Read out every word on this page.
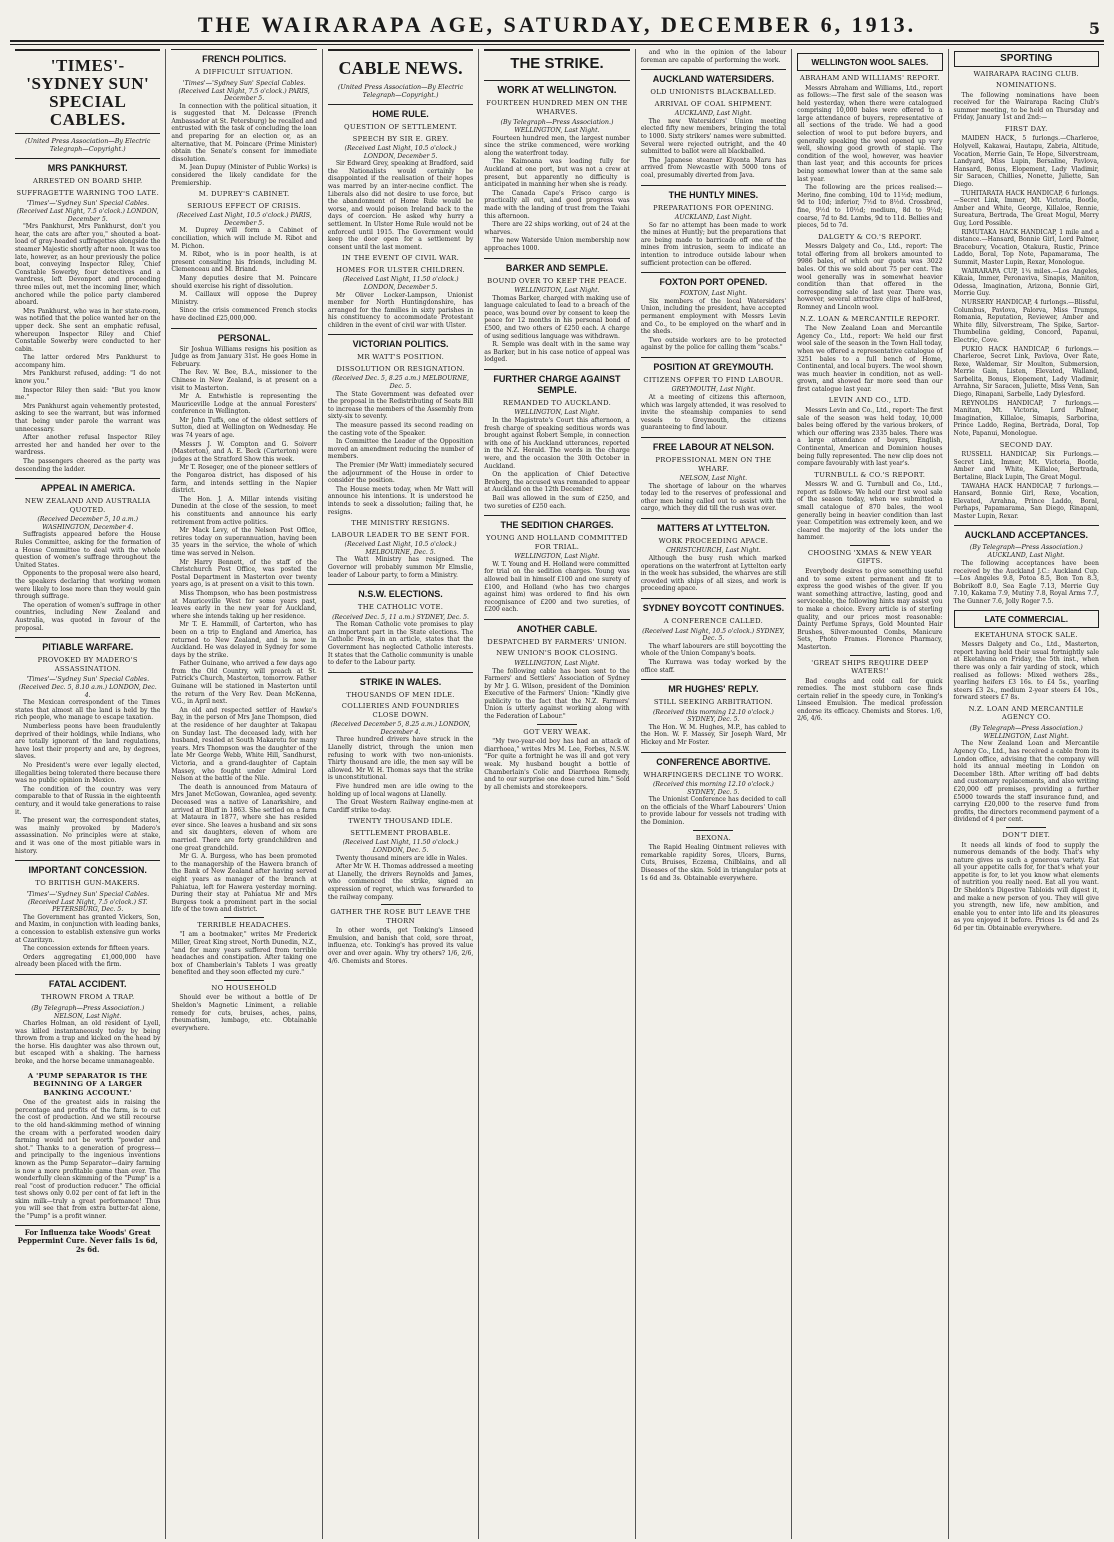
THE WAIRARAPA AGE, SATURDAY, DECEMBER 6, 1913.	5
'TIMES'-'SYDNEY SUN' SPECIAL CABLES.
(United Press Association—By Electric Telegraph—Copyright.)
MRS PANKHURST.
ARRESTED ON BOARD SHIP.
SUFFRAGETTE WARNING TOO LATE.
'Times'—'Sydney Sun' Special Cables.
(Received Last Night, 7.5 o'clock.) LONDON, December 5.

"Mrs Pankhurst, Mrs Pankhurst, don't you hear, the cats are after you," shouted a boat-load of gray-headed suffragettes alongside the steamer Majestic shortly after noon. It was too late, however, as an hour previously the police boat, conveying Inspector Riley, Chief Constable Sowerby, four detectives and a wardress, left Devonport and proceeding three miles out, met the incoming liner, which anchored while the police party clambered aboard.

Mrs Pankhurst, who was in her state-room, was notified that the police wanted her on the upper deck. She sent an emphatic refusal, whereupon Inspector Riley and Chief Constable Sowerby were conducted to her cabin.

The latter ordered Mrs Pankhurst to accompany him.

Mrs Pankhurst refused, adding: "I do not know you."

Inspector Riley then said: "But you know me."

Mrs Pankhurst again vehemently protested, asking to see the warrant, but was informed that being under parole the warrant was unnecessary.

After another refusal Inspector Riley arrested her and handed her over to the wardress.

The passengers cheered as the party was descending the ladder.

APPEAL IN AMERICA.
NEW ZEALAND AND AUSTRALIA QUOTED.
(Received December 5, 10 a.m.) WASHINGTON, December 4.

Suffragists appeared before the House Rules Committee, asking for the formation of a House Committee to deal with the whole question of women's suffrage throughout the United States.

Opponents to the proposal were also heard, the speakers declaring that working women were likely to lose more than they would gain through suffrage.

The operation of women's suffrage in other countries, including New Zealand and Australia, was quoted in favour of the proposal.

PITIABLE WARFARE.
PROVOKED BY MADERO'S ASSASSINATION.
'Times'—'Sydney Sun' Special Cables.
(Received Dec. 5, 8.10 a.m.) LONDON, Dec. 4.

The Mexican correspondent of the Times states that almost all the land is held by the rich people, who manage to escape taxation.

Numberless peons have been fraudulently deprived of their holdings, while Indians, who are totally ignorant of the land regulations, have lost their property and are, by degrees, slaves.

No President's were ever legally elected, illegalities being tolerated there because there was no public opinion in Mexico.

The condition of the country was very comparable to that of Russia in the eighteenth century, and it would take generations to raise it.

The present war, the correspondent states, was mainly provoked by Madero's assassination. No principles were at stake, and it was one of the most pitiable wars in history.

IMPORTANT CONCESSION.
TO BRITISH GUN-MAKERS.
'Times'—'Sydney Sun' Special Cables.
(Received Last Night, 7.5 o'clock.) ST. PETERSBURG, Dec. 5.

The Government has granted Vickers, Son, and Maxim, in conjunction with leading banks, a concession to establish extensive gun works at Czaritzyn.

The concession extends for fifteen years.

Orders aggregating £1,000,000 have already been placed with the firm.

FATAL ACCIDENT.
THROWN FROM A TRAP.
(By Telegraph—Press Association.)
NELSON, Last Night.

Charles Holman, an old resident of Lyell, was killed instantaneously today by being thrown from a trap and kicked on the head by the horse. His daughter was also thrown out, but escaped with a shaking. The harness broke, and the horse became unmanageable.

A 'PUMP SEPARATOR IS THE BEGINNING OF A LARGER BANKING ACCOUNT.'

One of the greatest aids in raising the percentage and profits of the farm, is to cut the cost of production. And we still recourse to the old hand-skimming method of winning the cream with a perforated wooden dairy farming would not be worth "powder and shot." Thanks to a generation of progress—and principally to the ingenious inventions known as the Pump Separator—dairy farming is now a more profitable game than ever. The wonderfully clean skimming of the "Pump" is a real "cost of production reducer." The official test shows only 0.02 per cent of fat left in the skim milk—truly a great performance! Thus you will see that from extra butter-fat alone, the "Pump" is a profit winner.

For Influenza take Woods' Great Peppermint Cure. Never fails 1s 6d, 2s 6d.
FRENCH POLITICS.
A DIFFICULT SITUATION.
'Times'—'Sydney Sun' Special Cables.
(Received Last Night, 7.5 o'clock.) PARIS, December 5.

In connection with the political situation, it is suggested that M. Delcasse (French Ambassador at St. Petersburg) be recalled and entrusted with the task of concluding the loan and preparing for an election or, as an alternative, that M. Poincare (Prime Minister) obtain the Senate's consent for immediate dissolution.

M. Jean Dupuy (Minister of Public Works) is considered the likely candidate for the Premiership.

M. DUPREY'S CABINET.
SERIOUS EFFECT OF CRISIS.
(Received Last Night, 10.5 o'clock.) PARIS, December 5.

M. Duprey will form a Cabinet of conciliation, which will include M. Ribot and M. Pichon.

M. Ribot, who is in poor health, is at present consulting his friends, including M. Clemenceau and M. Briand.

Many deputies desire that M. Poincare should exercise his right of dissolution.

M. Caillaux will oppose the Duprey Ministry.

Since the crisis commenced French stocks have declined £25,000,000.

PERSONAL.

Sir Joshua Williams resigns his position as Judge as from January 31st. He goes Home in February.

The Rev. W. Bee, B.A., missioner to the Chinese in New Zealand, is at present on a visit to Masterton.

Mr A. Entwhistle is representing the Mauriceville Lodge at the annual Foresters' conference in Wellington.

Mr John Tuffs, one of the oldest settlers of Sutton, died at Wellington on Wednesday. He was 74 years of age.

Messrs J. W. Compton and G. Soiverr (Masterton), and A. E. Beck (Carterton) were judges at the Stratford Show this week.

Mr T. Roseger, one of the pioneer settlers of the Pongaroa district, has disposed of his farm, and intends settling in the Napier district.

The Hon. J. A. Millar intends visiting Dunedin at the close of the session, to meet his constituents and announce his early retirement from active politics.

Mr Mack Levy, of the Nelson Post Office, retires today on superannuation, having been 35 years in the service, the whole of which time was served in Nelson.

Mr Harry Bennett, of the staff of the Christchurch Post Office, was posted the Postal Department in Masterton over twenty years ago, is at present on a visit to this town.

Miss Thompson, who has been postmistress at Mauriceville West for some years past, leaves early in the new year for Auckland, where she intends taking up her residence.

Mr T. E. Hammill, of Carterton, who has been on a trip to England and America, has returned to New Zealand, and is now in Auckland. He was delayed in Sydney for some days by the strike.

Father Guinane, who arrived a few days ago from the Old Country, will preach at St. Patrick's Church, Masterton, tomorrow. Father Guinane will be stationed in Masterton until the return of the Very Rev. Dean McKenna, V.G., in April next.

An old and respected settler of Hawke's Bay, in the person of Mrs Jane Thompson, died at the residence of her daughter at Takapau on Sunday last. The deceased lady, with her husband, resided at South Makaretu for many years. Mrs Thompson was the daughter of the late Mr George Webb, White Hill, Sandhurst, Victoria, and a grand-daughter of Captain Massey, who fought under Admiral Lord Nelson at the battle of the Nile.

The death is announced from Mataura of Mrs Janet McGowan, Gowanlea, aged seventy. Deceased was a native of Lanarkshire, and arrived at Bluff in 1863. She settled on a farm at Mataura in 1877, where she has resided ever since. She leaves a husband and six sons and six daughters, eleven of whom are married. There are forty grandchildren and one great grandchild.

Mr G. A. Burgess, who has been promoted to the managership of the Hawera branch of the Bank of New Zealand after having served eight years as manager of the branch at Pahiatua, left for Hawera yesterday morning. During their stay at Pahiatua Mr and Mrs Burgess took a prominent part in the social life of the town and district.

TERRIBLE HEADACHES.

"I am a bootmaker," writes Mr Frederick Miller, Great King street, North Dunedin, N.Z., "and for many years suffered from terrible headaches and constipation. After taking one box of Chamberlain's Tablets I was greatly benefited and they soon effected my cure."

NO HOUSEHOLD

Should ever be without a bottle of Dr Sheldon's Magnetic Liniment, a reliable remedy for cuts, bruises, aches, pains, rheumatism, lumbago, etc. Obtainable everywhere.

CABLE NEWS.
(United Press Association—By Electric Telegraph—Copyright.)
HOME RULE.
QUESTION OF SETTLEMENT.
SPEECH BY SIR E. GREY.
(Received Last Night, 10.5 o'clock.) LONDON, December 5.

Sir Edward Grey, speaking at Bradford, said the Nationalists would certainly be disappointed if the realisation of their hopes was marred by an inter-necine conflict. The Liberals also did not desire to use force, but the abandonment of Home Rule would be worse, and would poison Ireland back to the days of coercion. He asked why hurry a settlement. In Ulster Home Rule would not be enforced until 1915. The Government would keep the door open for a settlement by consent until the last moment.

IN THE EVENT OF CIVIL WAR.
HOMES FOR ULSTER CHILDREN.
(Received Last Night, 11.50 o'clock.) LONDON, December 5.

Mr Oliver Locker-Lampson, Unionist member for North Huntingdonshire, has arranged for the families in sixty parishes in his constituency to accommodate Protestant children in the event of civil war with Ulster.

VICTORIAN POLITICS.
MR WATT'S POSITION.
DISSOLUTION OR RESIGNATION.
(Received Dec. 5, 8.25 a.m.) MELBOURNE, Dec. 5.

The State Government was defeated over the proposal in the Redistributing of Seats Bill to increase the members of the Assembly from sixty-six to seventy.

The measure passed its second reading on the casting vote of the Speaker.

In Committee the Leader of the Opposition moved an amendment reducing the number of members.

The Premier (Mr Watt) immediately secured the adjournment of the House in order to consider the position.

The House meets today, when Mr Watt will announce his intentions. It is understood he intends to seek a dissolution; failing that, he resigns.

THE MINISTRY RESIGNS.
LABOUR LEADER TO BE SENT FOR.
(Received Last Night, 10.5 o'clock.) MELBOURNE, Dec. 5.

The Watt Ministry has resigned. The Governor will probably summon Mr Elmslie, leader of Labour party, to form a Ministry.

N.S.W. ELECTIONS.
THE CATHOLIC VOTE.
(Received Dec. 5, 11 a.m.) SYDNEY, Dec. 5.

The Roman Catholic vote promises to play an important part in the State elections. The Catholic Press, in an article, states that the Government has neglected Catholic interests. It states that the Catholic community is unable to defer to the Labour party.

STRIKE IN WALES.
THOUSANDS OF MEN IDLE.
COLLIERIES AND FOUNDRIES CLOSE DOWN.
(Received December 5, 8.25 a.m.) LONDON, December 4.

Three hundred drivers have struck in the Llanelly district, through the union men refusing to work with two non-unionists. Thirty thousand are idle, the men say will be allowed. Mr W. H. Thomas says that the strike is unconstitutional.

Five hundred men are idle owing to the holding up of local wagons at Llanelly.

The Great Western Railway engine-men at Cardiff strike to-day.

TWENTY THOUSAND IDLE.
SETTLEMENT PROBABLE.
(Received Last Night, 11.50 o'clock.) LONDON, Dec. 5.

Twenty thousand miners are idle in Wales.

After Mr W. H. Thomas addressed a meeting at Llanelly, the drivers Reynolds and James, who commenced the strike, signed an expression of regret, which was forwarded to the railway company.

GATHER THE ROSE BUT LEAVE THE THORN

In other words, get Tonking's Linseed Emulsion, and banish that cold, sore throat, influenza, etc. Tonking's has proved its value over and over again. Why try others? 1/6, 2/6, 4/6. Chemists and Stores.

THE STRIKE.
WORK AT WELLINGTON.
FOURTEEN HUNDRED MEN ON THE WHARVES.
(By Telegraph—Press Association.)
WELLINGTON, Last Night.

Fourteen hundred men, the largest number since the strike commenced, were working along the waterfront today.

The Kaimoana was loading fully for Auckland at one port, but was not a crew at present, but apparently no difficulty is anticipated in manning her when she is ready.

The Canada Cape's Frisco cargo is practically all out, and good progress was made with the landing of trust from the Taiahi this afternoon.

There are 22 ships working, out of 24 at the wharves.

The new Waterside Union membership now approaches 1000.

BARKER AND SEMPLE.
BOUND OVER TO KEEP THE PEACE.
WELLINGTON, Last Night.

Thomas Barker, charged with making use of language calculated to lead to a breach of the peace, was bound over by consent to keep the peace for 12 months in his personal bond of £500, and two others of £250 each. A charge of using seditious language was withdrawn.

R. Semple was dealt with in the same way as Barker, but in his case notice of appeal was lodged.

FURTHER CHARGE AGAINST SEMPLE.
REMANDED TO AUCKLAND.
WELLINGTON, Last Night.

In the Magistrate's Court this afternoon, a fresh charge of speaking seditious words was brought against Robert Semple, in connection with one of his Auckland utterances, reported in the N.Z. Herald. The words in the charge were, and the occasion the 30th October in Auckland.

On the application of Chief Detective Broberg, the accused was remanded to appear at Auckland on the 12th December.

Bail was allowed in the sum of £250, and two sureties of £250 each.

THE SEDITION CHARGES.
YOUNG AND HOLLAND COMMITTED FOR TRIAL.
WELLINGTON, Last Night.

W. T. Young and H. Holland were committed for trial on the sedition charges. Young was allowed bail in himself £100 and one surety of £100, and Holland (who has two charges against him) was ordered to find his own recognisance of £200 and two sureties, of £200 each.

ANOTHER CABLE.
DESPATCHED BY FARMERS' UNION.
NEW UNION'S BOOK CLOSING.
WELLINGTON, Last Night.

The following cable has been sent to the Farmers' and Settlers' Association of Sydney by Mr J. G. Wilson, president of the Dominion Executive of the Farmers' Union: "Kindly give publicity to the fact that the N.Z. Farmers' Union is utterly against working along with the Federation of Labour."

GOT VERY WEAK.

"My two-year-old boy has had an attack of diarrhoea," writes Mrs M. Lee, Forbes, N.S.W. "For quite a fortnight he was ill and got very weak. My husband bought a bottle of Chamberlain's Colic and Diarrhoea Remedy, and to our surprise one dose cured him." Sold by all chemists and storekeepers.

and who in the opinion of the labour foreman are capable of performing the work.

AUCKLAND WATERSIDERS.
OLD UNIONISTS BLACKBALLED.
ARRIVAL OF COAL SHIPMENT.
AUCKLAND, Last Night.

The new Watersiders' Union meeting elected fifty new members, bringing the total to 1000. Sixty strikers' names were submitted. Several were rejected outright, and the 40 submitted to ballot were all blackballed.

The Japanese steamer Kiyonta Maru has arrived from Newcastle with 5000 tons of coal, presumably diverted from Java.

THE HUNTLY MINES.
PREPARATIONS FOR OPENING.
AUCKLAND, Last Night.

So far no attempt has been made to work the mines at Huntly; but the preparations that are being made to barricade off one of the mines from intrusion, seem to indicate an intention to introduce outside labour when sufficient protection can be offered.

FOXTON PORT OPENED.
FOXTON, Last Night.

Six members of the local Watersiders' Union, including the president, have accepted permanent employment with Messrs Levin and Co., to be employed on the wharf and in the sheds.

Two outside workers are to be protected against by the police for calling them "scabs."

POSITION AT GREYMOUTH.
CITIZENS OFFER TO FIND LABOUR.
GREYMOUTH, Last Night.

At a meeting of citizens this afternoon, which was largely attended, it was resolved to invite the steamship companies to send vessels to Greymouth, the citizens guaranteeing to find labour.

FREE LABOUR AT NELSON.
PROFESSIONAL MEN ON THE WHARF.
NELSON, Last Night.

The shortage of labour on the wharves today led to the reserves of professional and other men being called out to assist with the cargo, which they did till the rush was over.

MATTERS AT LYTTELTON.
WORK PROCEEDING APACE.
CHRISTCHURCH, Last Night.

Although the busy rush which marked operations on the waterfront at Lyttelton early in the week has subsided, the wharves are still crowded with ships of all sizes, and work is proceeding apace.

SYDNEY BOYCOTT CONTINUES.
A CONFERENCE CALLED.
(Received Last Night, 10.5 o'clock.) SYDNEY, Dec. 5.

The wharf labourers are still boycotting the whole of the Union Company's boats.

The Kurrawa was today worked by the office staff.

MR HUGHES' REPLY.
STILL SEEKING ARBITRATION.
(Received this morning 12.10 o'clock.) SYDNEY, Dec. 5.

The Hon. W. M. Hughes, M.P., has cabled to the Hon. W. F. Massey, Sir Joseph Ward, Mr Hickey and Mr Foster.

CONFERENCE ABORTIVE.
WHARFINGERS DECLINE TO WORK.
(Received this morning 12.10 o'clock.) SYDNEY, Dec. 5.

The Unionist Conference has decided to call on the officials of the Wharf Labourers' Union to provide labour for vessels not trading with the Dominion.

BEXONA.

The Rapid Healing Ointment relieves with remarkable rapidity Sores, Ulcers, Burns, Cuts, Bruises, Eczema, Chilblains, and all Diseases of the skin. Sold in triangular pots at 1s 6d and 3s. Obtainable everywhere.

WELLINGTON WOOL SALES.
ABRAHAM AND WILLIAMS' REPORT.

Messrs Abraham and Williams, Ltd., report as follows:—The first sale of the season was held yesterday, when there were catalogued comprising 10,000 bales were offered to a large attendance of buyers, representative of all sections of the trade. We had a good selection of wool to put before buyers, and generally speaking the wool opened up very well, showing good growth of staple. The condition of the wool, however, was heavier than last year, and this accounts for prices being somewhat lower than at the same sale last year.

The following are the prices realised:—Merino, fine combing, 10d to 11½d; medium, 9d to 10d; inferior, 7½d to 8½d. Crossbred, fine, 9½d to 10½d; medium, 8d to 9¼d; coarse, 7d to 8d. Lambs, 9d to 11d. Bellies and pieces, 5d to 7d.

DALGETY & CO.'S REPORT.

Messrs Dalgety and Co., Ltd., report: The total offering from all brokers amounted to 9986 bales, of which our quota was 3022 bales. Of this we sold about 75 per cent. The wool generally was in somewhat heavier condition than that offered in the corresponding sale of last year. There was, however, several attractive clips of half-bred, Romney and Lincoln wool.

N.Z. LOAN & MERCANTILE REPORT.

The New Zealand Loan and Mercantile Agency Co., Ltd., report: We held our first wool sale of the season in the Town Hall today, when we offered a representative catalogue of 3251 bales to a full bench of Home, Continental, and local buyers. The wool shown was much heavier in condition, not as well-grown, and showed far more seed than our first catalogue last year.

LEVIN AND CO., LTD.

Messrs Levin and Co., Ltd., report: The first sale of the season was held today, 10,000 bales being offered by the various brokers, of which our offering was 2335 bales. There was a large attendance of buyers, English, Continental, American and Dominion houses being fully represented. The new clip does not compare favourably with last year's.

TURNBULL & CO.'S REPORT.

Messrs W. and G. Turnbull and Co., Ltd., report as follows: We held our first wool sale of the season today, when we submitted a small catalogue of 870 bales, the wool generally being in heavier condition than last year. Competition was extremely keen, and we cleared the majority of the lots under the hammer.

CHOOSING 'XMAS & NEW YEAR GIFTS.

Everybody desires to give something useful and to some extent permanent and fit to express the good wishes of the giver. If you want something attractive, lasting, good and serviceable, the following hints may assist you to make a choice. Every article is of sterling quality, and our prices most reasonable: Dainty Perfume Sprays, Gold Mounted Hair Brushes, Silver-mounted Combs, Manicure Sets, Photo Frames. Florence Pharmacy, Masterton.

'GREAT SHIPS REQUIRE DEEP WATERS!'

Bad coughs and cold call for quick remedies. The most stubborn case finds certain relief in the speedy cure, in Tonking's Linseed Emulsion. The medical profession endorse its efficacy. Chemists and Stores. 1/6, 2/6, 4/6.

SPORTING
WAIRARAPA RACING CLUB.
NOMINATIONS.

The following nominations have been received for the Wairarapa Racing Club's summer meeting, to be held on Thursday and Friday, January 1st and 2nd:—

FIRST DAY.

MAIDEN HACK, 5 furlongs.—Charleroe, Holyvell, Kakawai, Hautapu, Zabria, Altitude, Vocation, Merrie Gain, Te Hope, Silverstream, Landyard, Miss Lupin, Bersaline, Pavlova, Hansard, Bonus, Elopement, Lady Vladimir, Sir Saracen, Chillies, Nonette, Juliette, San Diego.

TUHITARATA HACK HANDICAP, 6 furlongs.—Secret Link, Immer, Mt. Victoria, Bootle, Amber and White, George, Killaloe, Rennie, Sureatura, Bertrada, The Great Mogul, Merry Guy, Lord Possible.

RIMUTAKA HACK HANDICAP, 1 mile and a distance.—Hansard, Bonnie Girl, Lord Palmer, Bracebury, Vocation, Otakura, Rustic, Prince Laddo, Boral, Top Note, Papamarama, The Summit, Master Lupin, Rexar, Monologue.

WAIRARAPA CUP, 1¼ miles.—Los Angeles, Kikaia, Immer, Peronaviva, Sinapis, Maniton, Odessa, Imagination, Arizona, Bonnie Girl, Morrie Guy.

NURSERY HANDICAP, 4 furlongs.—Blissful, Columbus, Pavlova, Palorva, Miss Trumps, Romania, Reputation, Reviewer, Amber and White filly, Silverstream, The Spike, Sartor-Thumbelina gelding, Concord, Papanui, Electric, Cove.

PUKIO HACK HANDICAP, 6 furlongs.—Charleroe, Secret Link, Pavlova, Over Rate, Rexe, Waldemar, Sir Moulton, Submersion, Merrie Gain, Listen, Elevated, Walland, Sarbelita, Bonus, Elopement, Lady Vladimir, Arrahna, Sir Saracen, Juliette, Miss Venn, San Diego, Rinapani, Sarbelle, Lady Dylesford.

REYNOLDS HANDICAP, 7 furlongs.—Manitan, Mt. Victoria, Lord Palmer, Imagination, Killaloe, Simapis, Sarborina, Prince Laddo, Regina, Bertrada, Doral, Top Note, Papanui, Monologue.

SECOND DAY.

RUSSELL HANDICAP, Six Furlongs.—Secret Link, Immer, Mt. Victoria, Bootle, Amber and White, Killaloe, Bertrada, Bertaline, Black Lupin, The Great Mogul.

TAWAHA HACK HANDICAP, 7 furlongs.—Hansard, Bonnie Girl, Rexe, Vocation, Elevated, Arrahna, Prince Laddo, Boral, Perhaps, Papamarama, San Diego, Rinapani, Master Lupin, Rexar.

AUCKLAND ACCEPTANCES.
(By Telegraph—Press Association.)
AUCKLAND, Last Night.

The following acceptances have been received by the Auckland J.C.: Auckland Cup.—Los Angeles 9.8, Potoa 8.5, Bon Ton 8.3, Bobrikoff 8.0, Sea Eagle 7.13, Merrie Guy 7.10, Kakama 7.9, Mutiny 7.8, Royal Arms 7.7, The Gunner 7.6, Jolly Roger 7.5.

LATE COMMERCIAL.
EKETAHUNA STOCK SALE.

Messrs Dalgety and Co., Ltd., Masterton, report having held their usual fortnightly sale at Eketahuna on Friday, the 5th inst., when there was only a fair yarding of stock, which realised as follows: Mixed wethers 28s., yearling heifers £3 16s. to £4 5s., yearling steers £3 2s., medium 2-year steers £4 10s., forward steers £7 8s.

N.Z. LOAN AND MERCANTILE AGENCY CO.
(By Telegraph—Press Association.)
WELLINGTON, Last Night.

The New Zealand Loan and Mercantile Agency Co., Ltd., has received a cable from its London office, advising that the company will hold its annual meeting in London on December 18th. After writing off bad debts and customary replacements, and also writing £20,000 off premises, providing a further £5000 towards the staff insurance fund, and carrying £20,000 to the reserve fund from profits, the directors recommend payment of a dividend of 4 per cent.

DON'T DIET.

It needs all kinds of food to supply the numerous demands of the body. That's why nature gives us such a generous variety. Eat all your appetite calls for, for that's what your appetite is for, to let you know what elements of nutrition you really need. Eat all you want. Dr Sheldon's Digestive Tabloids will digest it, and make a new person of you. They will give you strength, new life, new ambition, and enable you to enter into life and its pleasures as you enjoyed it before. Prices 1s 6d and 2s 6d per tin. Obtainable everywhere.
